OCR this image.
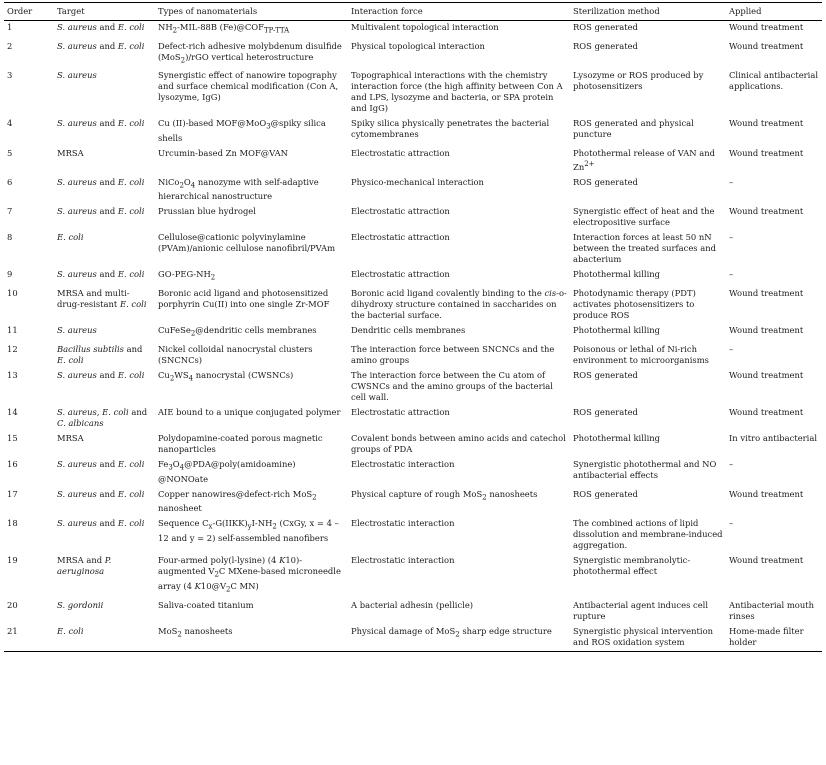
Order	Target	Types of nanomaterials	Interaction force	Sterilization method	Applied
1	S. aureus and E. coli	$NH_2-MIL-88B$ $(Fe)@COF_{TP-TTA}$	Multivalent topological interaction	ROS generated	Wound treatment
2	S. aureus and E. coli	Defect-rich adhesive molybdenum disulfide (MoS$_2$)/rGO vertical heterostructure	Physical topological interaction	ROS generated	Wound treatment
3	S. aureus	Synergistic effect of nanowire topography and surface chemical modification (Con A, lysozyme, IgG)	Topographical interactions with the chemistry interaction force (the high affinity between Con A and LPS, lysozyme and bacteria, or SPA protein and IgG)	Lysozyme or ROS produced by photosensitizers	Clinical antibacterial applications.
4	S. aureus and E. coli	Cu (II)-based MOF@MoO$_3$@spiky silica shells	Spiky silica physically penetrates the bacterial cytomembranes	ROS generated and physical puncture	Wound treatment
5	MRSA	Urcumin-based Zn MOF@VAN	Electrostatic attraction	Photothermal release of VAN and $Zn^{2+}$	Wound treatment
6	S. aureus and E. coli	$NiCo_2O_4$ nanozyme with self-adaptive hierarchical nanostructure	Physico-mechanical interaction	ROS generated	–
7	S. aureus and E. coli	Prussian blue hydrogel	Electrostatic attraction	Synergistic effect of heat and the electropositive surface	Wound treatment
8	E. coli	Cellulose@cationic polyvinylamine (PVAm)/anionic cellulose nanofibril/PVAm	Electrostatic attraction	Interaction forces at least 50 nN between the treated surfaces and abacterium	–
9	S. aureus and E. coli	$GO-PEG-NH_2$	Electrostatic attraction	Photothermal killing	–
10	MRSA and multi-drug-resistant E. coli	Boronic acid ligand and photosensitized porphyrin Cu(II) into one single Zr-MOF	Boronic acid ligand covalently binding to the cis-o-dihydroxy structure contained in saccharides on the bacterial surface.	Photodynamic therapy (PDT) activates photosensitizers to produce ROS	Wound treatment
11	S. aureus	CuFeSe$_2$@dendritic cells membranes	Dendritic cells membranes	Photothermal killing	Wound treatment
12	Bacillus subtilis and E. coli	Nickel colloidal nanocrystal clusters (SNCNCs)	The interaction force between SNCNCs and the amino groups	Poisonous or lethal of Ni-rich environment to microorganisms	–
13	S. aureus and E. coli	$Cu_2WS_4$ nanocrystal (CWSNCs)	The interaction force between the Cu atom of CWSNCs and the amino groups of the bacterial cell wall.	ROS generated	Wound treatment
14	S. aureus, E. coli and C. albicans	AIE bound to a unique conjugated polymer	Electrostatic attraction	ROS generated	Wound treatment
15	MRSA	Polydopamine-coated porous magnetic nanoparticles	Covalent bonds between amino acids and catechol groups of PDA	Photothermal killing	In vitro antibacterial
16	S. aureus and E. coli	$Fe_3O_4@PDA@poly(amidoamine)$ @NONOate	Electrostatic interaction	Synergistic photothermal and NO antibacterial effects	–
17	S. aureus and E. coli	Copper nanowires@defect-rich MoS$_2$ nanosheet	Physical capture of rough MoS$_2$ nanosheets	ROS generated	Wound treatment
18	S. aureus and E. coli	Sequence $C_x-G(IIKK)_yI-NH_2$ (CxGy, x = 4 – 12 and y = 2) self-assembled nanofibers	Electrostatic interaction	The combined actions of lipid dissolution and membrane-induced aggregation.	–
19	MRSA and P. aeruginosa	Four-armed poly(l-lysine) (4 K10)-augmented $V_2C$ MXene-based microneedle array (4 $K10@V_2C$ MN)	Electrostatic interaction	Synergistic membranolytic-photothermal effect	Wound treatment
20	S. gordonii	Saliva-coated titanium	A bacterial adhesin (pellicle)	Antibacterial agent induces cell rupture	Antibacterial mouth rinses
21	E. coli	MoS$_2$ nanosheets	Physical damage of MoS$_2$ sharp edge structure	Synergistic physical intervention and ROS oxidation system	Home-made filter holder
